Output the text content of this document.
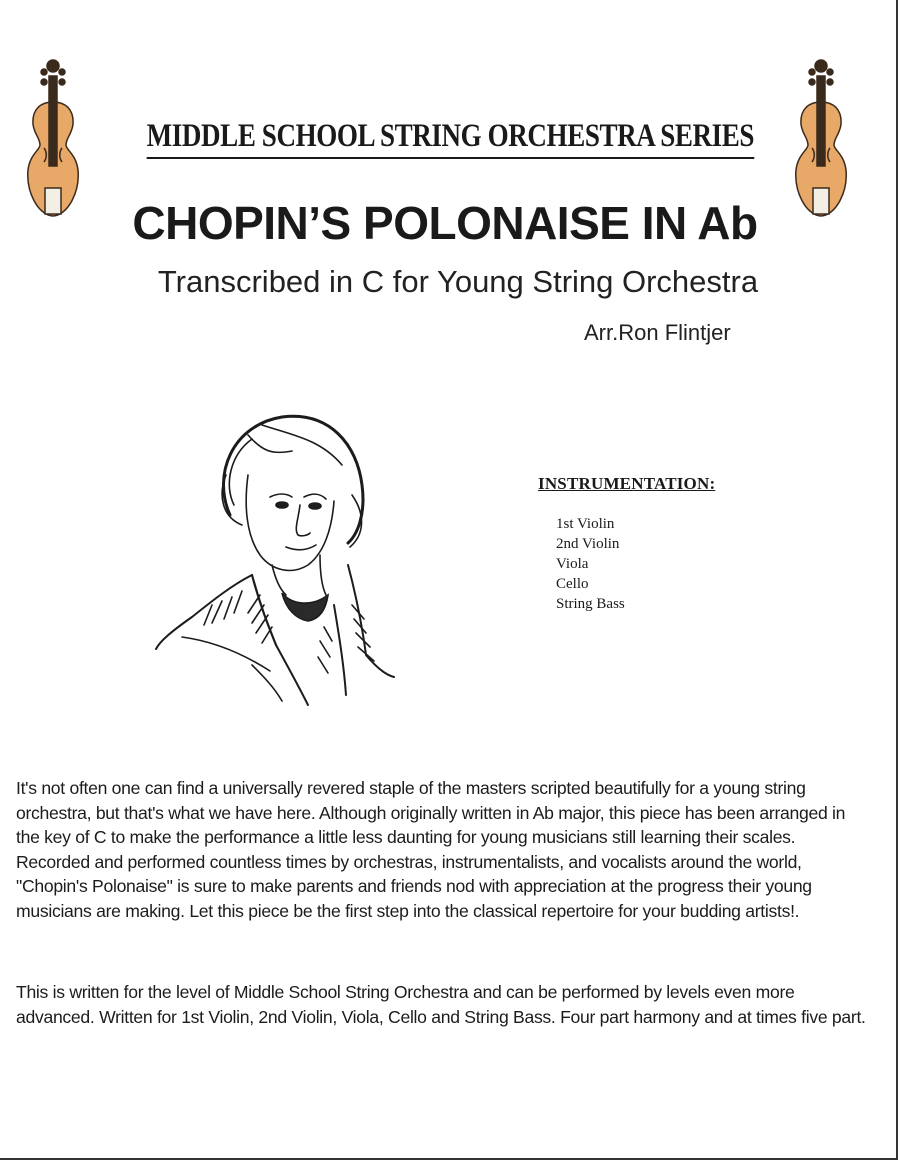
MIDDLE SCHOOL STRING ORCHESTRA SERIES
CHOPIN’S POLONAISE IN Ab
Transcribed in C for Young String Orchestra
Arr.Ron Flintjer
INSTRUMENTATION:
1st Violin
2nd Violin
Viola
Cello
String Bass

It's not often one can find a universally revered staple of the masters scripted beautifully for a young string orchestra, but that's what we have here. Although originally written in Ab major, this piece has been arranged in the key of C to make the performance a little less daunting for young musicians still learning their scales. Recorded and performed countless times by orchestras, instrumentalists, and vocalists around the world, "Chopin's Polonaise" is sure to make parents and friends nod with appreciation at the progress their young musicians are making. Let this piece be the first step into the classical repertoire for your budding artists!.

This is written for the level of Middle School String Orchestra and can be performed by levels even more advanced. Written for 1st Violin, 2nd Violin, Viola, Cello and String Bass. Four part harmony and at times five part.
